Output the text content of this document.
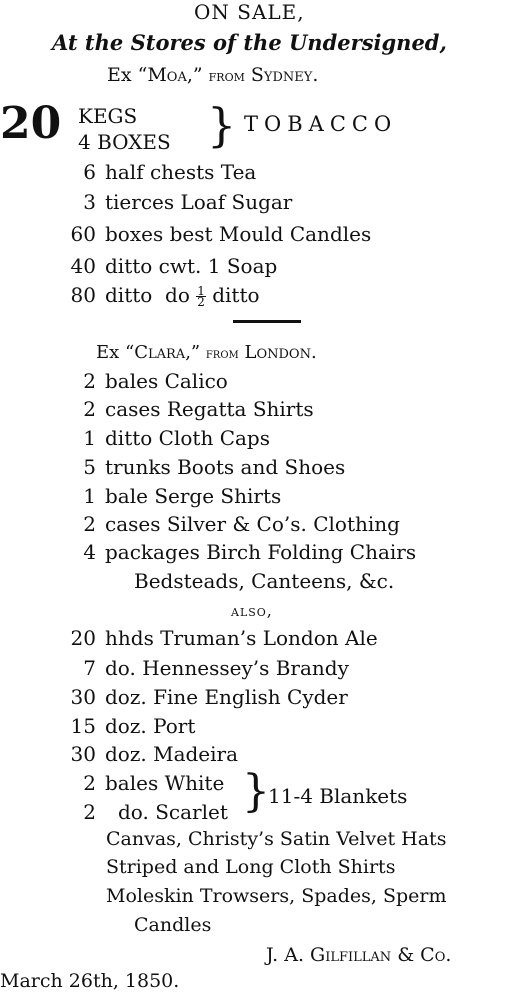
ON SALE,
At the Stores of the Undersigned,
Ex “Moa,” from Sydney.
20 KEGS
4 BOXES } TOBACCO
6 half chests Tea
3 tierces Loaf Sugar
60 boxes best Mould Candles
40 ditto cwt. 1 Soap
80 ditto  do $\frac{1}{2}$ ditto
Ex “Clara,” from London.
2 bales Calico
2 cases Regatta Shirts
1 ditto Cloth Caps
5 trunks Boots and Shoes
1 bale Serge Shirts
2 cases Silver & Co’s. Clothing
4 packages Birch Folding Chairs
Bedsteads, Canteens, &c.
also,
20 hhds Truman’s London Ale
7 do. Hennessey’s Brandy
30 doz. Fine English Cyder
15 doz. Port
30 doz. Madeira
2 bales White
2 do. Scarlet }
11-4 Blankets
Canvas, Christy’s Satin Velvet Hats
Striped and Long Cloth Shirts
Moleskin Trowsers, Spades, Sperm
Candles
J. A. Gilfillan & Co.
March 26th, 1850.
